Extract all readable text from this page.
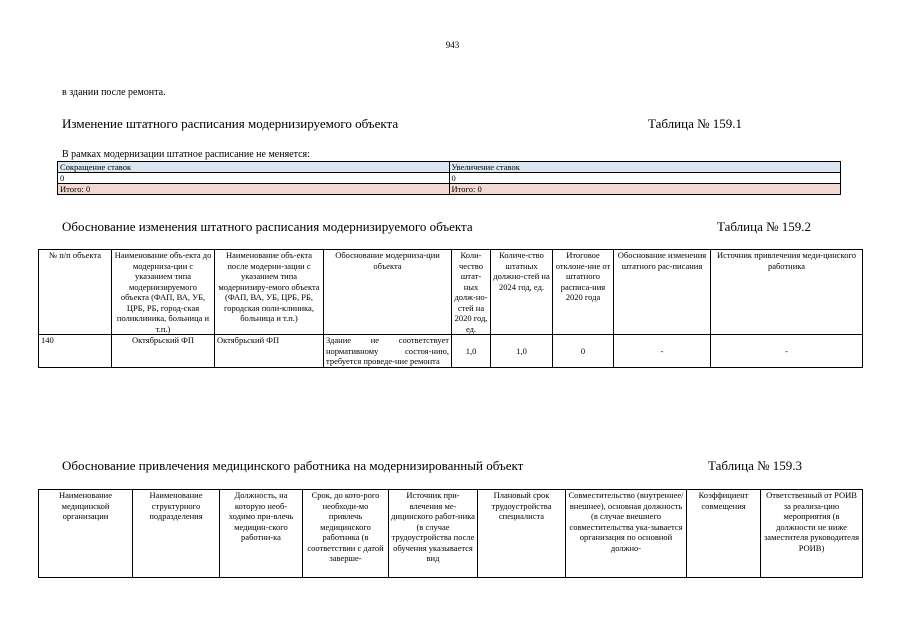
943
в здании после ремонта.
Изменение штатного расписания модернизируемого объекта	Таблица № 159.1
В рамках модернизации штатное расписание не меняется:
Сокращение ставок	Увеличение ставок
0	0
Итого: 0	Итого: 0
Обоснование изменения штатного расписания модернизируемого объекта	Таблица № 159.2
№ п/п объекта	Наименование объ-екта до модерниза-ции с указанием типа модернизируемого объекта (ФАП, ВА, УБ, ЦРБ, РБ, город-ская поликлиника, больница и т.п.)	Наименование объ-екта после модерни-зации с указанием типа модернизиру-емого объекта (ФАП, ВА, УБ, ЦРБ, РБ, городская поли-клиника, больница и т.п.)	Обоснование модерниза-ции объекта	Коли-чество штат-ных долж-но-стей на 2020 год, ед.	Количе-ство штатных должно-стей на 2024 год, ед.	Итоговое отклоне-ние от штатного расписа-ния 2020 года	Обоснование изменения штатного рас-писания	Источник привлечения меди-цинского работника
140	Октябрьский ФП	Октябрьский ФП	Здание не соответствует нормативному состоя-нию, требуется проведе-ние ремонта	1,0	1,0	0	-	-
Обоснование привлечения медицинского работника на модернизированный объект	Таблица № 159.3
Наименование медицинской организации	Наименование структурного подразделения	Должность, на которую необ-ходимо при-влечь медицин-ского работни-ка	Срок, до кото-рого необходи-мо привлечь медицинского работника (в соответствии с датой заверше-	Источник при-влечения ме-дицинского работ-ника (в случае трудоустройства после обучения указывается вид	Плановый срок трудоустройства специалиста	Совместительство (внутреннее/внешнее), основная должность (в случае внешнего совместительства ука-зывается организация по основной должно-	Коэффициент совмещения	Ответственный от РОИВ за реализа-цию мероприятия (в должности не ниже заместителя руководителя РОИВ)
